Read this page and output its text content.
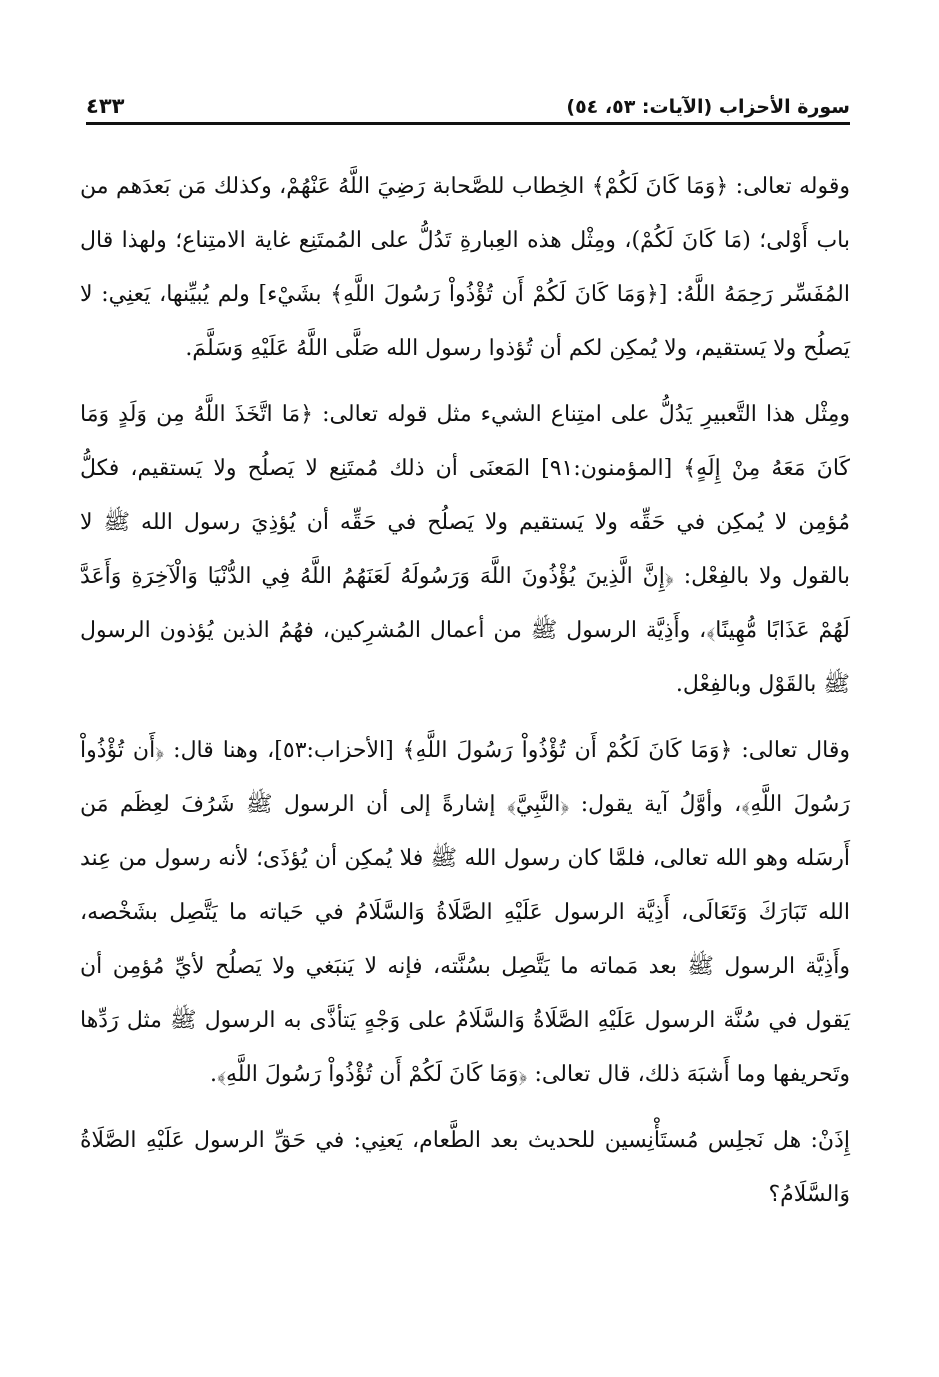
٤٣٣	سورة الأحزاب (الآيات: ٥٣، ٥٤)

وقوله تعالى: ﴿وَمَا كَانَ لَكُمْ﴾ الخِطاب للصَّحابة رَضِيَ اللَّهُ عَنْهُمْ، وكذلك مَن بَعدَهم من باب أَوْلى؛ (مَا كَانَ لَكُمْ)، ومِثْل هذه العِبارةِ تَدُلُّ على المُمتَنِع غاية الامتِناع؛ ولهذا قال المُفَسِّر رَحِمَهُ اللَّهُ: [﴿وَمَا كَانَ لَكُمْ أَن تُؤْذُواْ رَسُولَ اللَّهِ﴾ بشَيْء] ولم يُبيِّنها، يَعنِي: لا يَصلُح ولا يَستقيم، ولا يُمكِن لكم أن تُؤذوا رسول الله صَلَّى اللَّهُ عَلَيْهِ وَسَلَّمَ.

ومِثْل هذا التَّعبيرِ يَدُلُّ على امتِناع الشيء مثل قوله تعالى: ﴿مَا اتَّخَذَ اللَّهُ مِن وَلَدٍ وَمَا كَانَ مَعَهُ مِنْ إِلَهٍ﴾ [المؤمنون:٩١] المَعنَى أن ذلك مُمتَنِع لا يَصلُح ولا يَستقيم، فكلُّ مُؤمِن لا يُمكِن في حَقِّه ولا يَستقيم ولا يَصلُح في حَقِّه أن يُؤذِيَ رسول الله ﷺ لا بالقول ولا بالفِعْل: ﴿إِنَّ الَّذِينَ يُؤْذُونَ اللَّهَ وَرَسُولَهُ لَعَنَهُمُ اللَّهُ فِي الدُّنْيَا وَالْآخِرَةِ وَأَعَدَّ لَهُمْ عَذَابًا مُّهِينًا﴾، وأَذِيَّة الرسول ﷺ من أعمال المُشرِكين، فهُمُ الذين يُؤذون الرسول ﷺ بالقَوْل وبالفِعْل.

وقال تعالى: ﴿وَمَا كَانَ لَكُمْ أَن تُؤْذُواْ رَسُولَ اللَّهِ﴾ [الأحزاب:٥٣]، وهنا قال: ﴿أَن تُؤْذُواْ رَسُولَ اللَّهِ﴾، وأوَّلُ آية يقول: ﴿النَّبِيَّ﴾ إشارةً إلى أن الرسول ﷺ شَرُفَ لعِظَم مَن أَرسَله وهو الله تعالى، فلمَّا كان رسول الله ﷺ فلا يُمكِن أن يُؤذَى؛ لأنه رسول من عِند الله تَبَارَكَ وَتَعَالَى، أَذِيَّة الرسول عَلَيْهِ الصَّلَاةُ وَالسَّلَامُ في حَياته ما يَتَّصِل بشَخْصه، وأَذِيَّة الرسول ﷺ بعد مَماته ما يَتَّصِل بسُنَّته، فإنه لا يَنبَغي ولا يَصلُح لأيِّ مُؤمِن أن يَقول في سُنَّة الرسول عَلَيْهِ الصَّلَاةُ وَالسَّلَامُ على وَجْهٍ يَتأذَّى به الرسول ﷺ مثل رَدِّها وتَحريفها وما أَشبَهَ ذلك، قال تعالى: ﴿وَمَا كَانَ لَكُمْ أَن تُؤْذُواْ رَسُولَ اللَّهِ﴾.

إِذَنْ: هل نَجلِس مُستَأْنِسين للحديث بعد الطَّعام، يَعنِي: في حَقِّ الرسول عَلَيْهِ الصَّلَاةُ وَالسَّلَامُ؟
